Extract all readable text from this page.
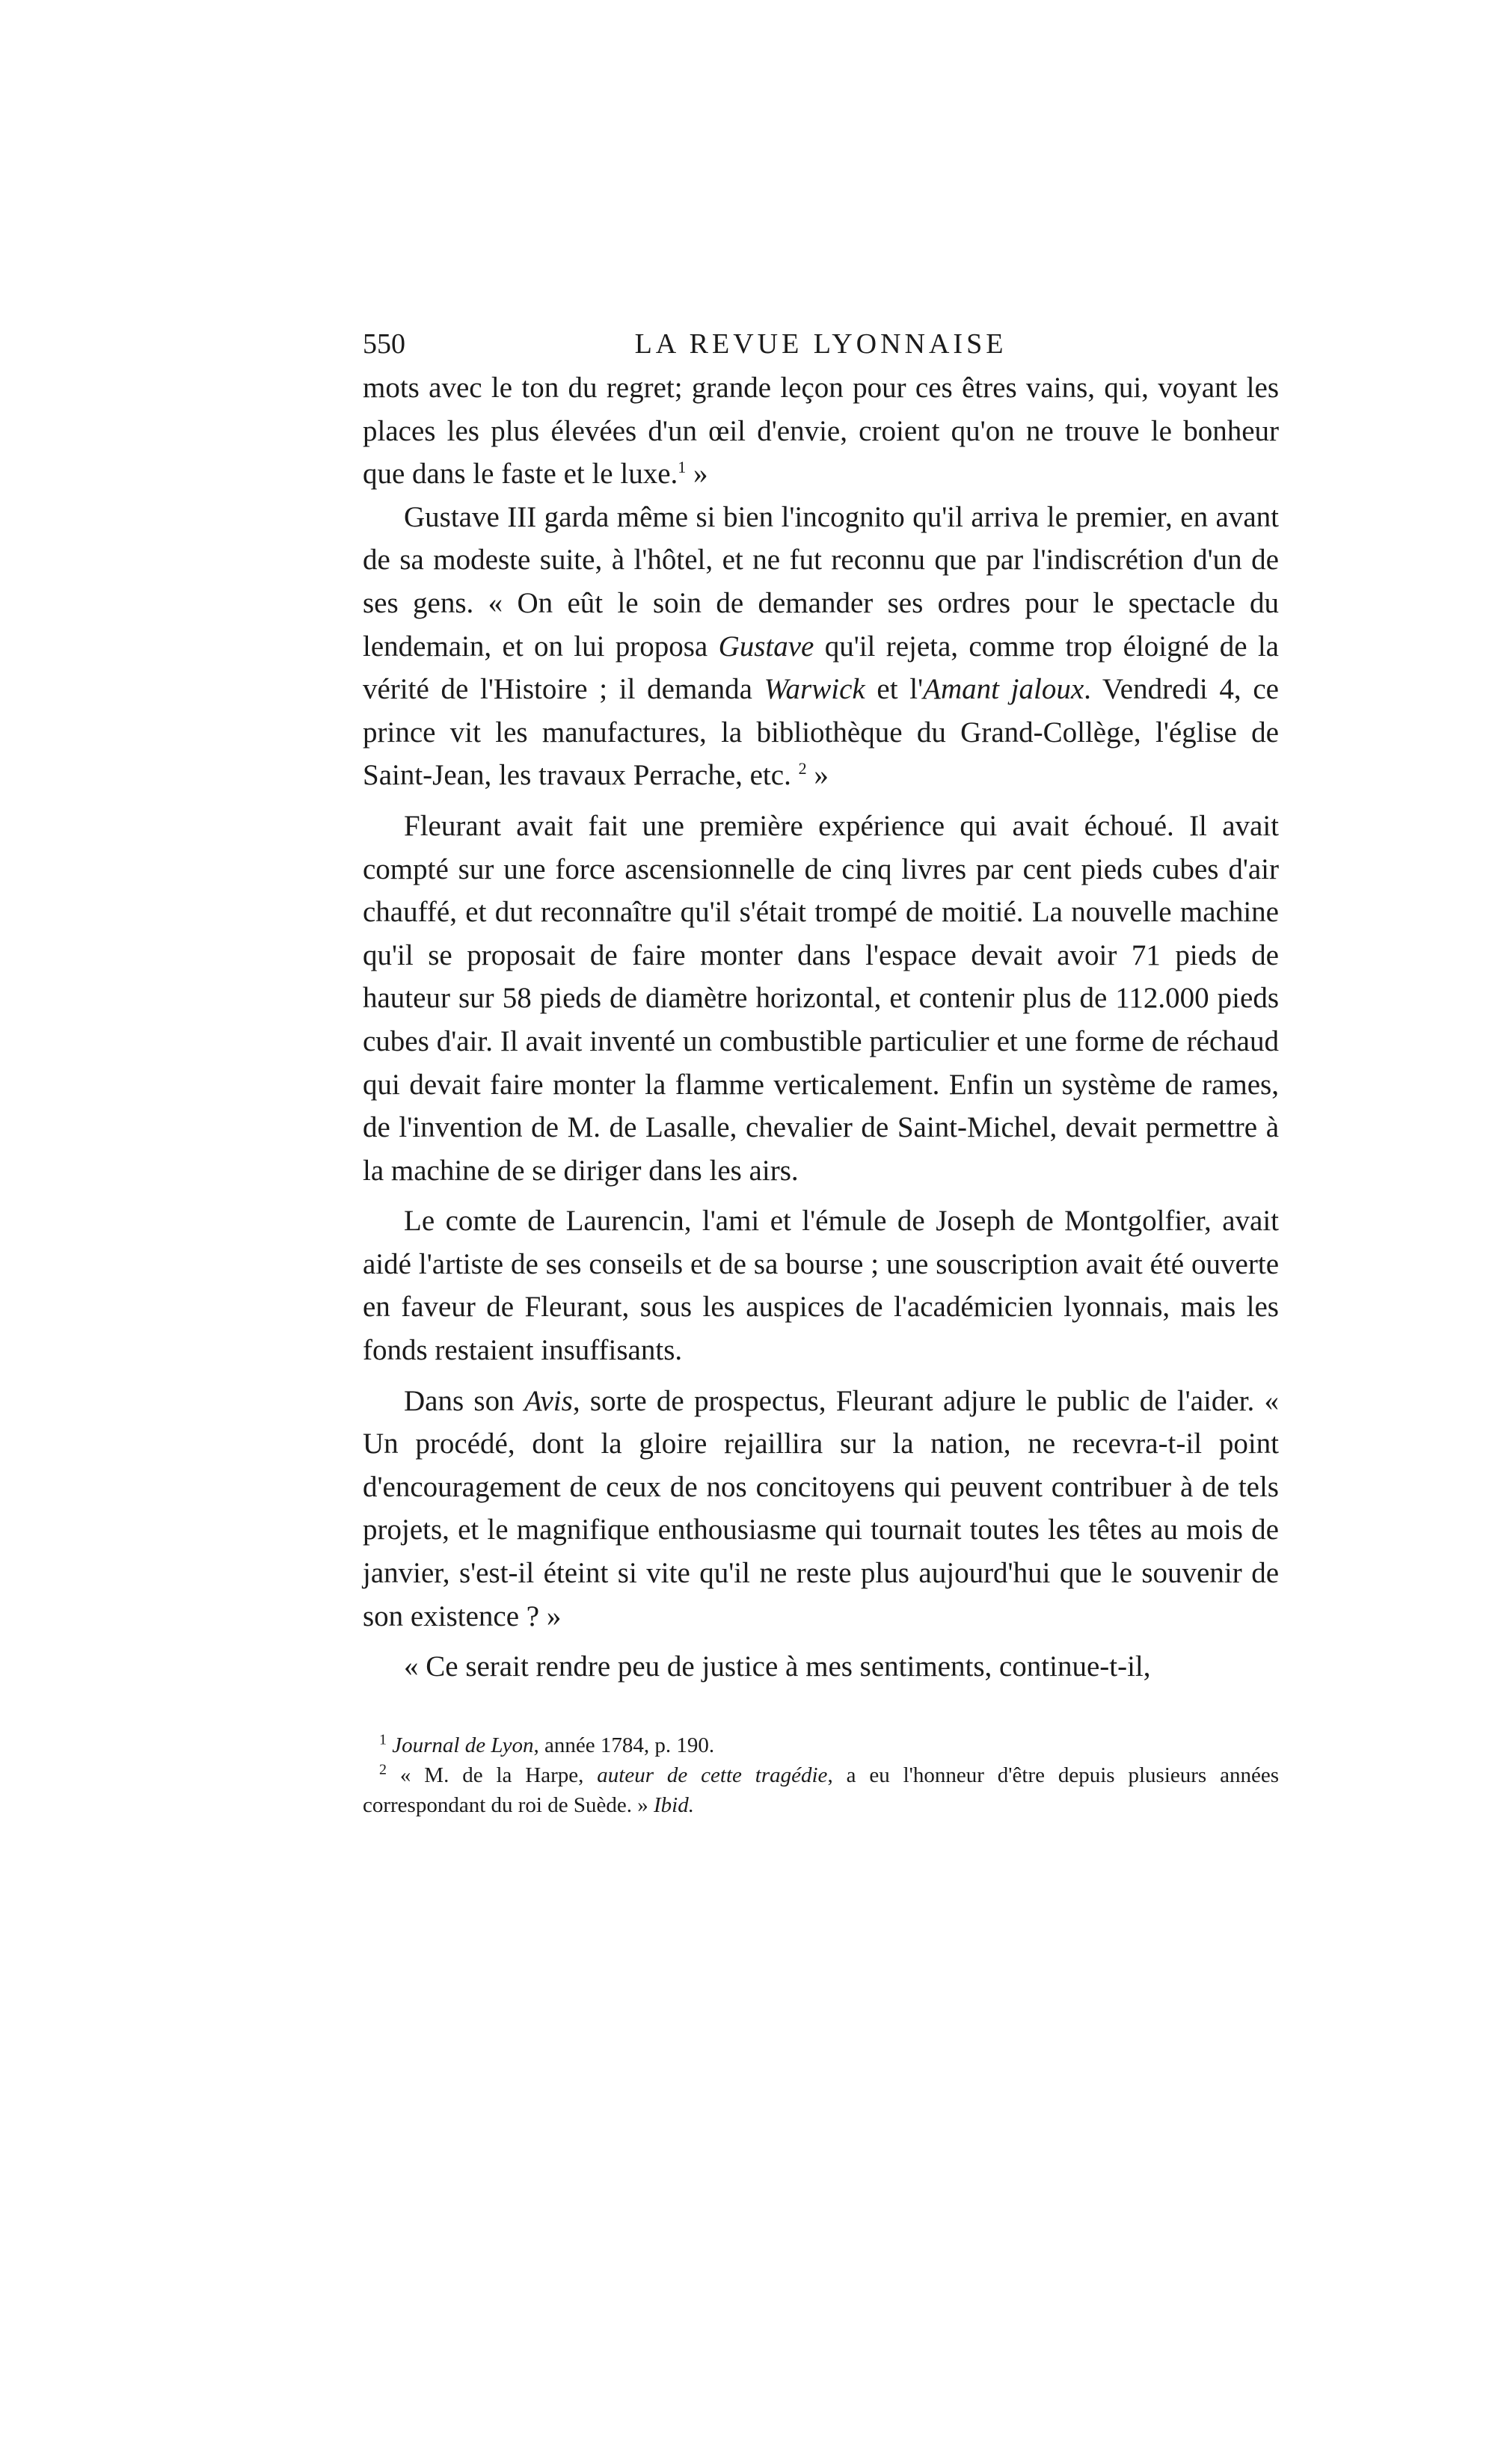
550	LA REVUE LYONNAISE

mots avec le ton du regret; grande leçon pour ces êtres vains, qui, voyant les places les plus élevées d'un œil d'envie, croient qu'on ne trouve le bonheur que dans le faste et le luxe.$^1$ »

Gustave III garda même si bien l'incognito qu'il arriva le premier, en avant de sa modeste suite, à l'hôtel, et ne fut reconnu que par l'indiscrétion d'un de ses gens. « On eût le soin de demander ses ordres pour le spectacle du lendemain, et on lui proposa Gustave qu'il rejeta, comme trop éloigné de la vérité de l'Histoire ; il demanda Warwick et l'Amant jaloux. Vendredi 4, ce prince vit les manufactures, la bibliothèque du Grand-Collège, l'église de Saint-Jean, les travaux Perrache, etc. $^2$ »

Fleurant avait fait une première expérience qui avait échoué. Il avait compté sur une force ascensionnelle de cinq livres par cent pieds cubes d'air chauffé, et dut reconnaître qu'il s'était trompé de moitié. La nouvelle machine qu'il se proposait de faire monter dans l'espace devait avoir 71 pieds de hauteur sur 58 pieds de diamètre horizontal, et contenir plus de 112.000 pieds cubes d'air. Il avait inventé un combustible particulier et une forme de réchaud qui devait faire monter la flamme verticalement. Enfin un système de rames, de l'invention de M. de Lasalle, chevalier de Saint-Michel, devait permettre à la machine de se diriger dans les airs.

Le comte de Laurencin, l'ami et l'émule de Joseph de Montgolfier, avait aidé l'artiste de ses conseils et de sa bourse ; une souscription avait été ouverte en faveur de Fleurant, sous les auspices de l'académicien lyonnais, mais les fonds restaient insuffisants.

Dans son Avis, sorte de prospectus, Fleurant adjure le public de l'aider. « Un procédé, dont la gloire rejaillira sur la nation, ne recevra-t-il point d'encouragement de ceux de nos concitoyens qui peuvent contribuer à de tels projets, et le magnifique enthousiasme qui tournait toutes les têtes au mois de janvier, s'est-il éteint si vite qu'il ne reste plus aujourd'hui que le souvenir de son existence ? »

« Ce serait rendre peu de justice à mes sentiments, continue-t-il,

$^1$ Journal de Lyon, année 1784, p. 190.

$^2$ « M. de la Harpe, auteur de cette tragédie, a eu l'honneur d'être depuis plusieurs années correspondant du roi de Suède. » Ibid.
